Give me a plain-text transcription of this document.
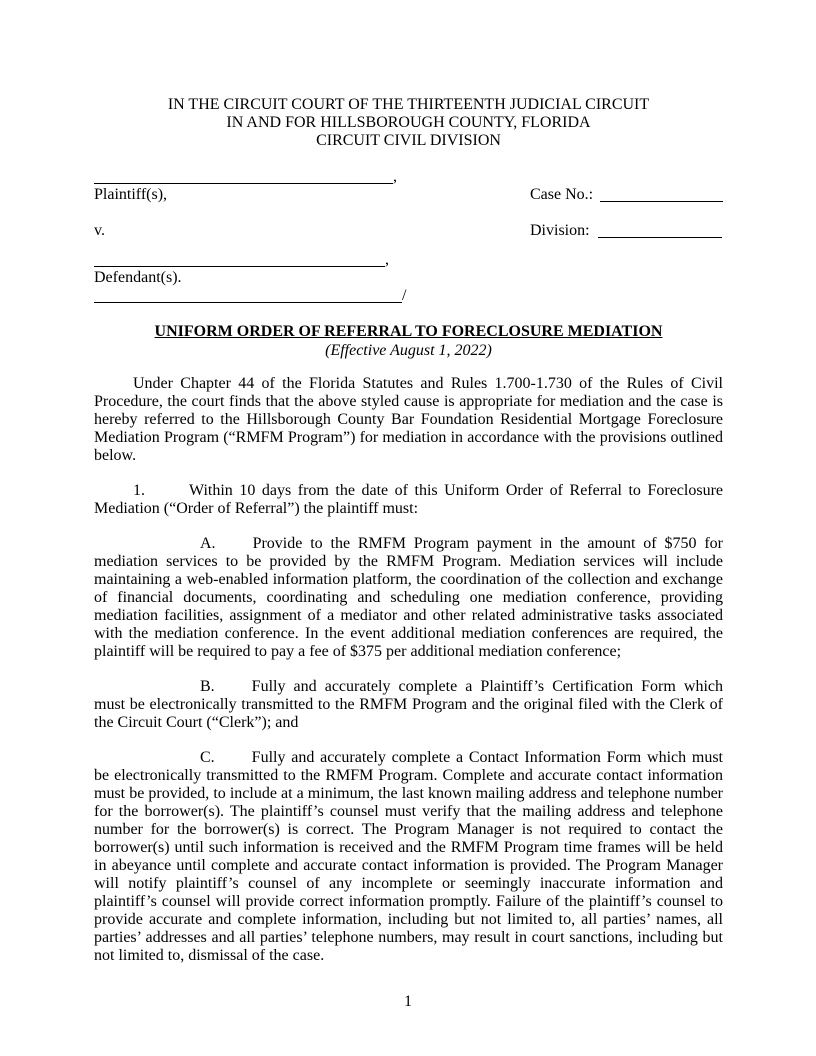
IN THE CIRCUIT COURT OF THE THIRTEENTH JUDICIAL CIRCUIT
IN AND FOR HILLSBOROUGH COUNTY, FLORIDA
CIRCUIT CIVIL DIVISION
,
Plaintiff(s),	Case No.:
v.	Division:
,
Defendant(s).
/
UNIFORM ORDER OF REFERRAL TO FORECLOSURE MEDIATION
(Effective August 1, 2022)

Under Chapter 44 of the Florida Statutes and Rules 1.700-1.730 of the Rules of Civil Procedure, the court finds that the above styled cause is appropriate for mediation and the case is hereby referred to the Hillsborough County Bar Foundation Residential Mortgage Foreclosure Mediation Program (“RMFM Program”) for mediation in accordance with the provisions outlined below.

1.	Within 10 days from the date of this Uniform Order of Referral to Foreclosure Mediation (“Order of Referral”) the plaintiff must:

A. Provide to the RMFM Program payment in the amount of $750 for mediation services to be provided by the RMFM Program. Mediation services will include maintaining a web-enabled information platform, the coordination of the collection and exchange of financial documents, coordinating and scheduling one mediation conference, providing mediation facilities, assignment of a mediator and other related administrative tasks associated with the mediation conference. In the event additional mediation conferences are required, the plaintiff will be required to pay a fee of $375 per additional mediation conference;

B. Fully and accurately complete a Plaintiff’s Certification Form which must be electronically transmitted to the RMFM Program and the original filed with the Clerk of the Circuit Court (“Clerk”); and

C. Fully and accurately complete a Contact Information Form which must be electronically transmitted to the RMFM Program. Complete and accurate contact information must be provided, to include at a minimum, the last known mailing address and telephone number for the borrower(s). The plaintiff’s counsel must verify that the mailing address and telephone number for the borrower(s) is correct. The Program Manager is not required to contact the borrower(s) until such information is received and the RMFM Program time frames will be held in abeyance until complete and accurate contact information is provided. The Program Manager will notify plaintiff’s counsel of any incomplete or seemingly inaccurate information and plaintiff’s counsel will provide correct information promptly. Failure of the plaintiff’s counsel to provide accurate and complete information, including but not limited to, all parties’ names, all parties’ addresses and all parties’ telephone numbers, may result in court sanctions, including but not limited to, dismissal of the case.

1
